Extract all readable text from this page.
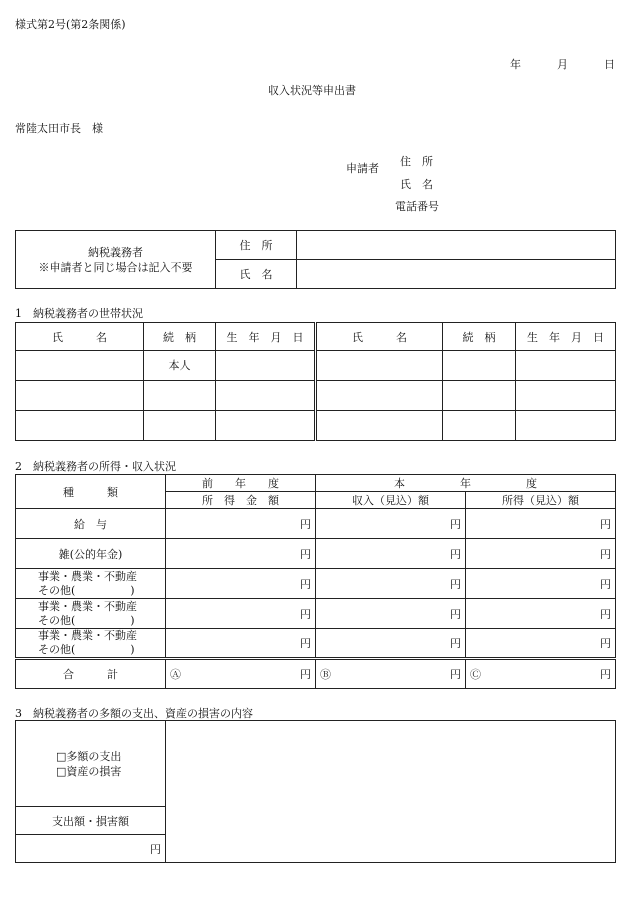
様式第2号(第2条関係)
年	月	日
収入状況等申出書
常陸太田市長　様
申請者
住　所
氏　名
電話番号
納税義務者
※申請者と同じ場合は記入不要	住　所	
	氏　名	
1　納税義務者の世帯状況
氏　　　名	続　柄	生　年　月　日	氏　　　名	続　柄	生　年　月　日
	本人				

2　納税義務者の所得・収入状況
種　　　類	前　　年　　度	本　　　　　年　　　　　度	
	所　得　金　額	収入（見込）額	所得（見込）額
給　与	円	円	円
雑(公的年金)	円	円	円

事業・農業・不動産
その他(　　　　　)	円	円	円

事業・農業・不動産
その他(　　　　　)	円	円	円

事業・農業・不動産
その他(　　　　　)	円	円	円
合　　　計	Ⓐ 円	Ⓑ 円	Ⓒ 円
3　納税義務者の多額の支出、資産の損害の内容
□多額の支出
□資産の損害

支出額・損害額
円
